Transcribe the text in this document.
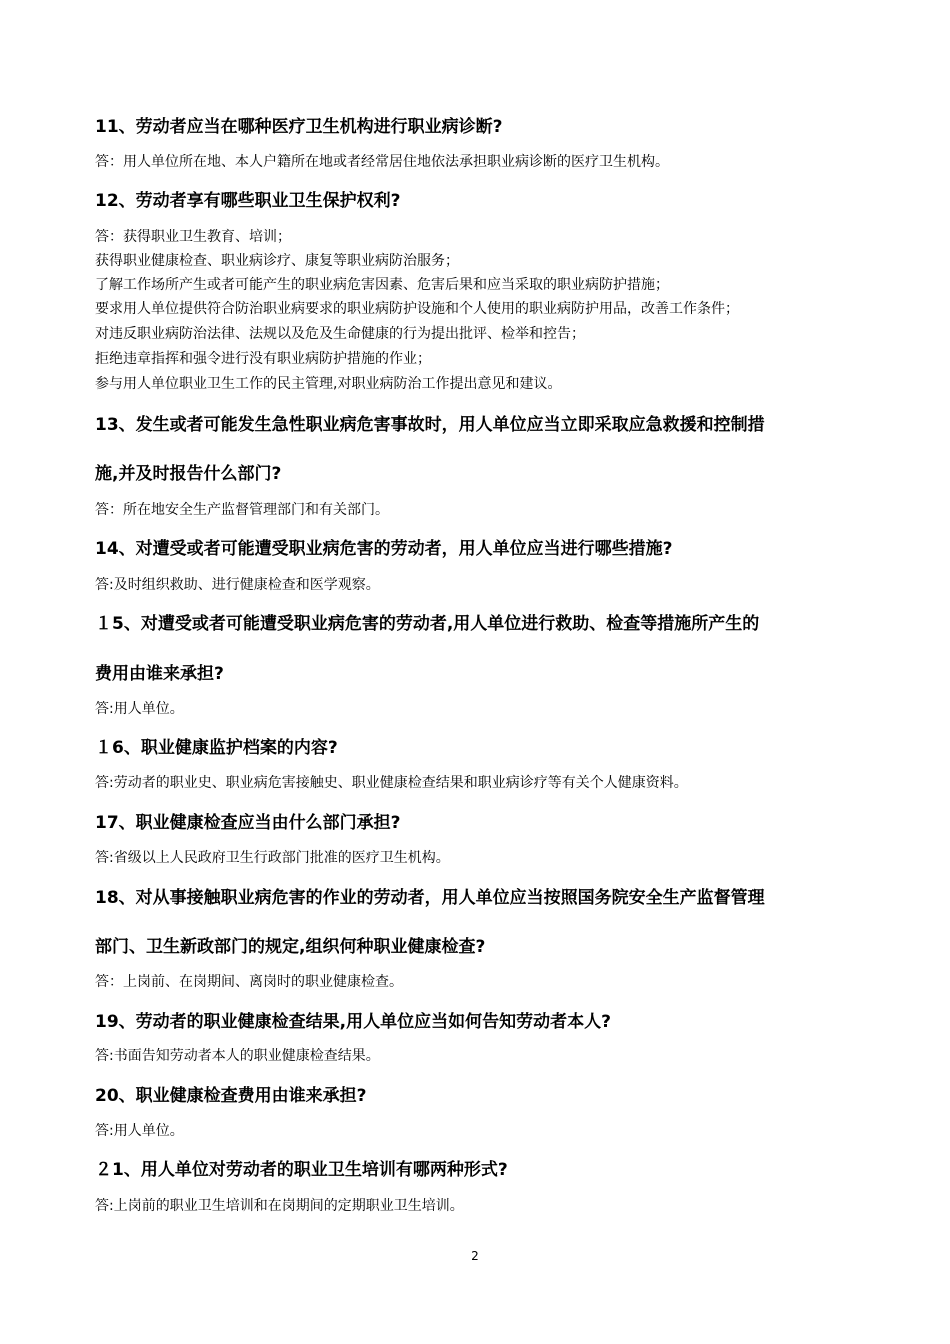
11、劳动者应当在哪种医疗卫生机构进行职业病诊断?

答：用人单位所在地、本人户籍所在地或者经常居住地依法承担职业病诊断的医疗卫生机构。

12、劳动者享有哪些职业卫生保护权利?

答：获得职业卫生教育、培训；

获得职业健康检查、职业病诊疗、康复等职业病防治服务；

了解工作场所产生或者可能产生的职业病危害因素、危害后果和应当采取的职业病防护措施；

要求用人单位提供符合防治职业病要求的职业病防护设施和个人使用的职业病防护用品，改善工作条件；

对违反职业病防治法律、法规以及危及生命健康的行为提出批评、检举和控告；

拒绝违章指挥和强令进行没有职业病防护措施的作业；

参与用人单位职业卫生工作的民主管理,对职业病防治工作提出意见和建议。

13、发生或者可能发生急性职业病危害事故时，用人单位应当立即采取应急救援和控制措

施,并及时报告什么部门?

答：所在地安全生产监督管理部门和有关部门。

14、对遭受或者可能遭受职业病危害的劳动者，用人单位应当进行哪些措施?

答:及时组织救助、进行健康检查和医学观察。

１5、对遭受或者可能遭受职业病危害的劳动者,用人单位进行救助、检查等措施所产生的

费用由谁来承担?

答:用人单位。

１6、职业健康监护档案的内容?

答:劳动者的职业史、职业病危害接触史、职业健康检查结果和职业病诊疗等有关个人健康资料。

17、职业健康检查应当由什么部门承担?

答:省级以上人民政府卫生行政部门批准的医疗卫生机构。

18、对从事接触职业病危害的作业的劳动者，用人单位应当按照国务院安全生产监督管理

部门、卫生新政部门的规定,组织何种职业健康检查?

答：上岗前、在岗期间、离岗时的职业健康检查。

19、劳动者的职业健康检查结果,用人单位应当如何告知劳动者本人?

答:书面告知劳动者本人的职业健康检查结果。

20、职业健康检查费用由谁来承担?

答:用人单位。

２1、用人单位对劳动者的职业卫生培训有哪两种形式?

答:上岗前的职业卫生培训和在岗期间的定期职业卫生培训。

2
